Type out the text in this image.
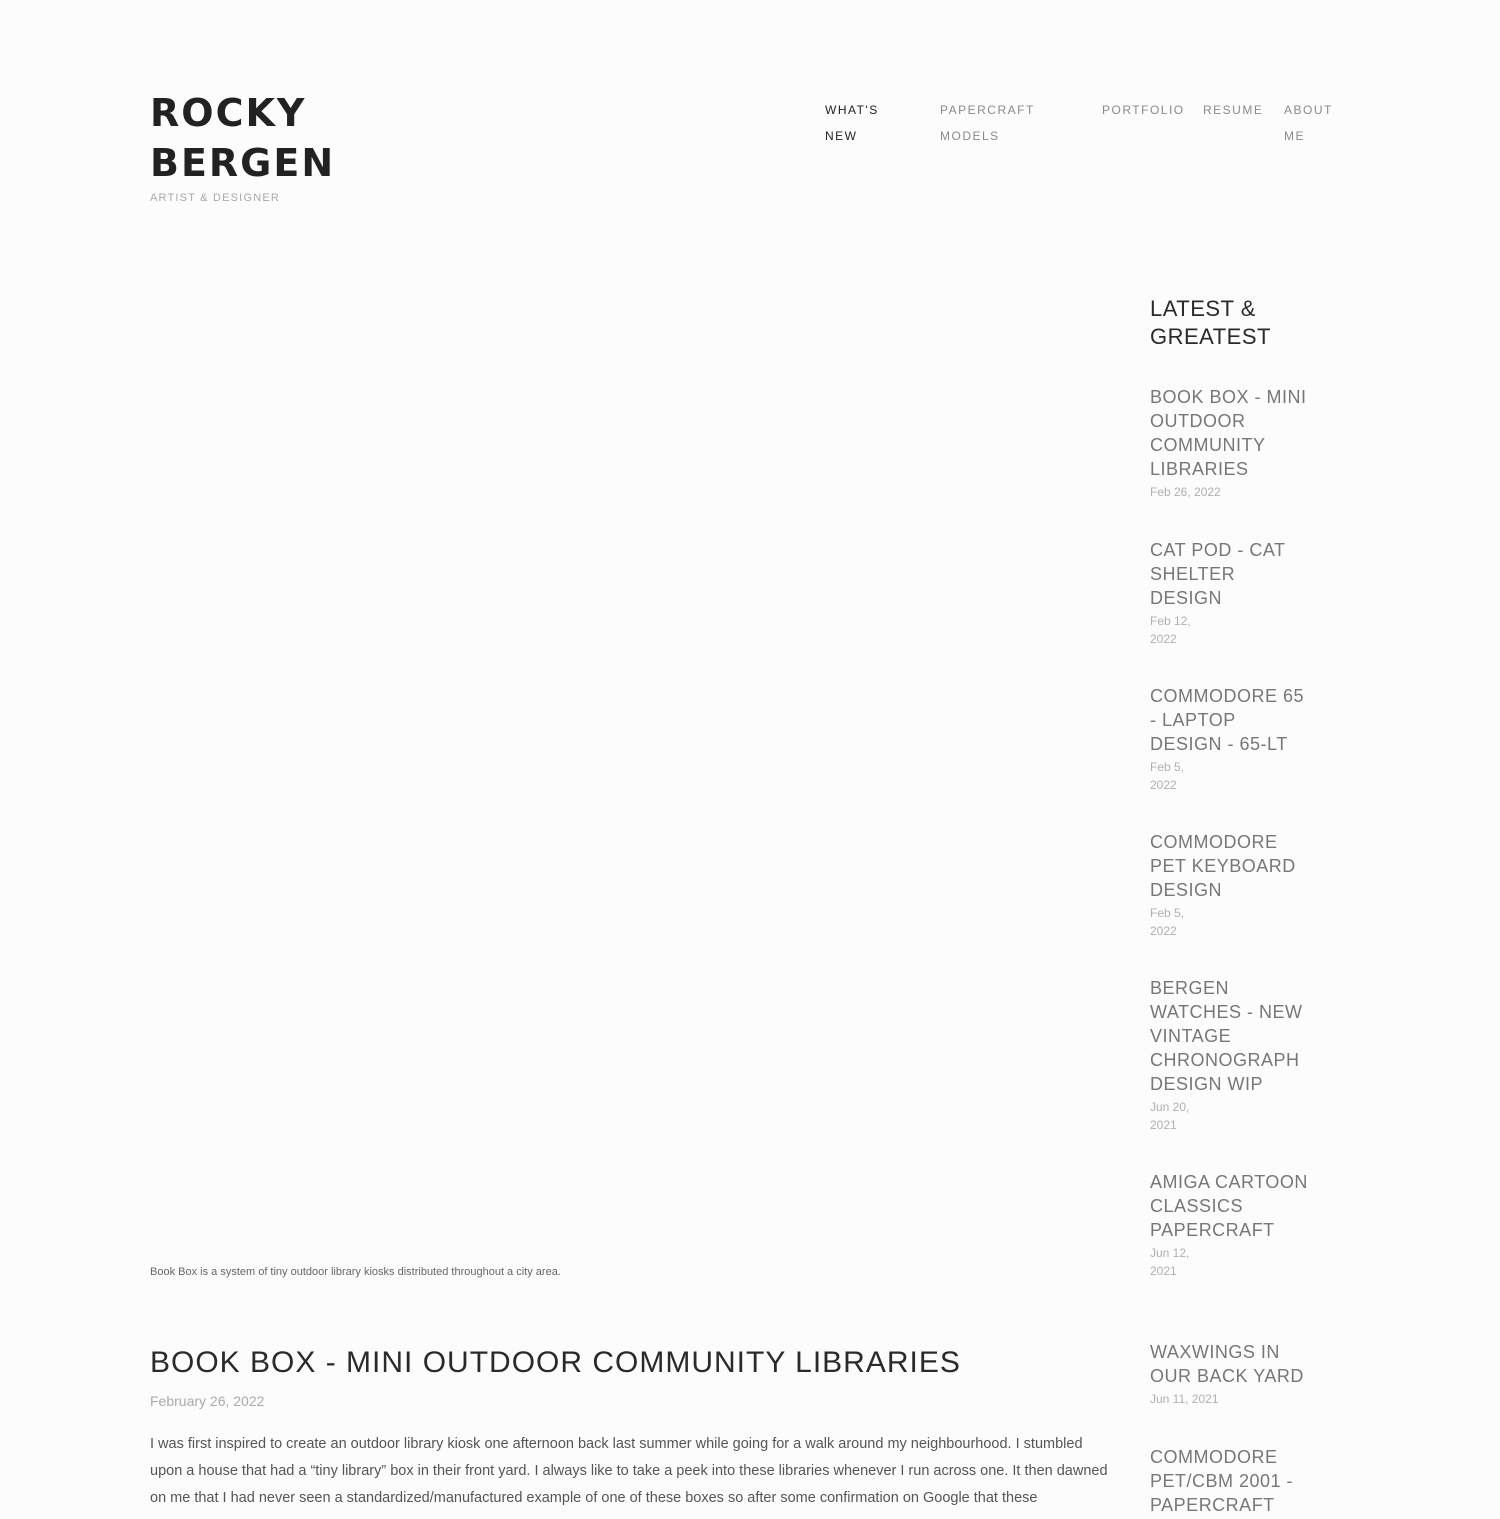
ROCKY BERGEN
ARTIST & DESIGNER
WHAT'S NEW
PAPERCRAFT MODELS
PORTFOLIO RESUME ABOUT ME
Book Box is a system of tiny outdoor library kiosks distributed throughout a city area.
BOOK BOX - MINI OUTDOOR COMMUNITY LIBRARIES
February 26, 2022

I was first inspired to create an outdoor library kiosk one afternoon back last summer while going for a walk around my neighbourhood. I stumbled upon a house that had a “tiny library” box in their front yard. I always like to take a peek into these libraries whenever I run across one. It then dawned on me that I had never seen a standardized/manufactured example of one of these boxes so after some confirmation on Google that these

LATEST & GREATEST
BOOK BOX - MINI OUTDOOR COMMUNITY LIBRARIES
Feb 26, 2022
CAT POD - CAT SHELTER DESIGN
Feb 12, 2022
COMMODORE 65 - LAPTOP DESIGN - 65-LT
Feb 5, 2022
COMMODORE PET KEYBOARD DESIGN
Feb 5, 2022
BERGEN WATCHES - NEW VINTAGE CHRONOGRAPH DESIGN WIP
Jun 20, 2021
AMIGA CARTOON CLASSICS PAPERCRAFT
Jun 12, 2021
WAXWINGS IN OUR BACK YARD
Jun 11, 2021
COMMODORE PET/CBM 2001 - PAPERCRAFT
